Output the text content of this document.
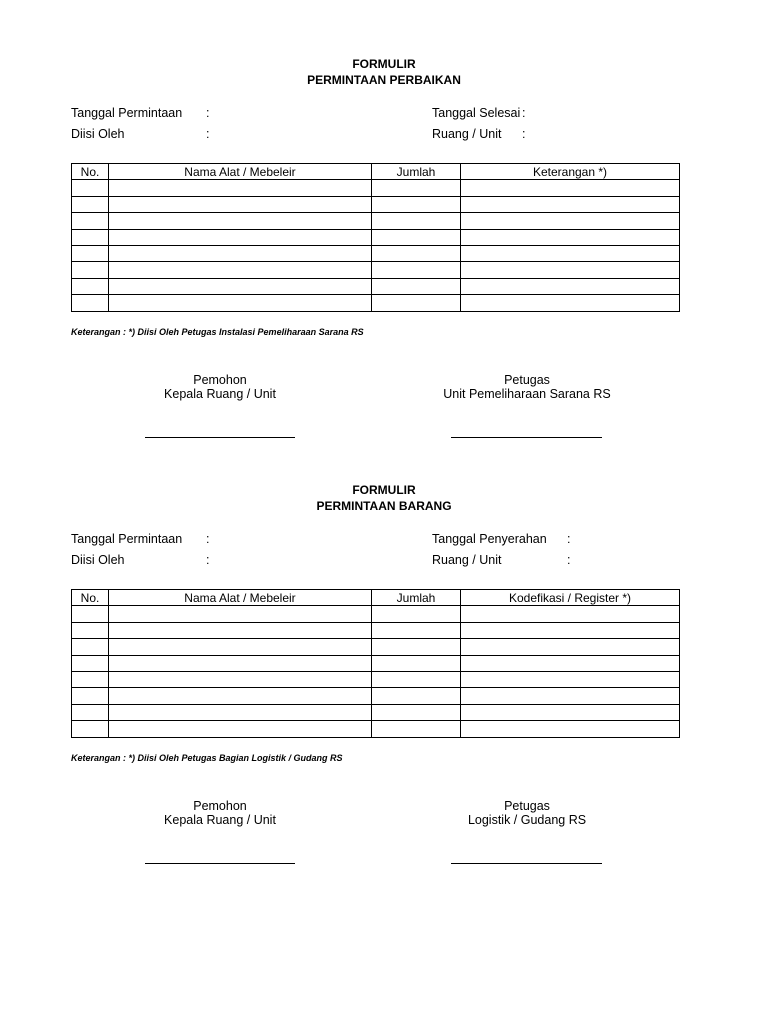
FORMULIR
PERMINTAAN PERBAIKAN
Tanggal Permintaan :
Diisi Oleh	:
Tanggal Selesai :
Ruang / Unit :
No.	Nama Alat / Mebeleir	Jumlah	Keterangan *)

Keterangan : *) Diisi Oleh Petugas Instalasi Pemeliharaan Sarana RS
Pemohon
Kepala Ruang / Unit
Petugas
Unit Pemeliharaan Sarana RS
FORMULIR
PERMINTAAN BARANG
Tanggal Permintaan :
Diisi Oleh	:
Tanggal Penyerahan :
Ruang / Unit	:
No.	Nama Alat / Mebeleir	Jumlah	Kodefikasi / Register *)

Keterangan : *) Diisi Oleh Petugas Bagian Logistik / Gudang RS
Pemohon
Kepala Ruang / Unit
Petugas
Logistik / Gudang RS
